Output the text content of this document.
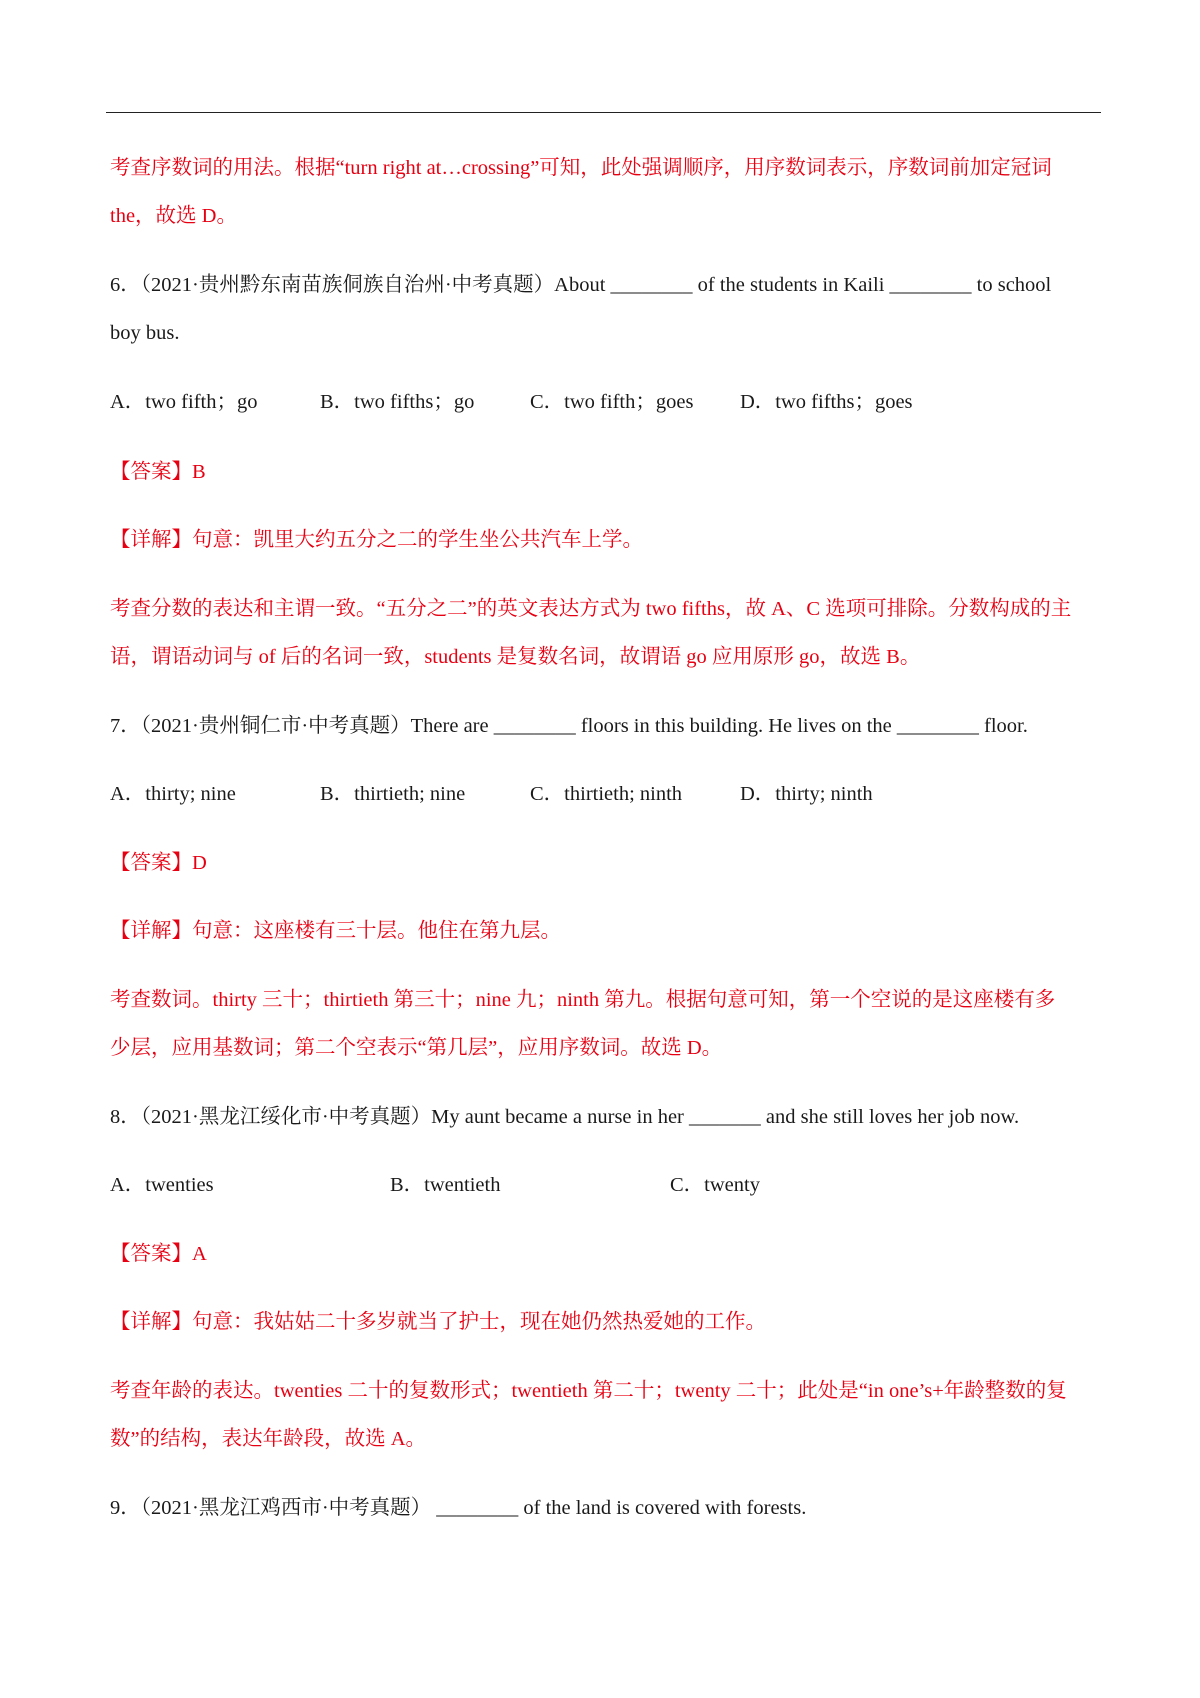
考查序数词的用法。根据“turn right at…crossing”可知，此处强调顺序，用序数词表示，序数词前加定冠词
the，故选 D。
6．（2021·贵州黔东南苗族侗族自治州·中考真题）About ________ of the students in Kaili ________ to school
boy bus.
A．two fifth；go	B．two fifths；go	C．two fifth；goes D．two fifths；goes
【答案】B
【详解】句意：凯里大约五分之二的学生坐公共汽车上学。
考查分数的表达和主谓一致。“五分之二”的英文表达方式为 two fifths，故 A、C 选项可排除。分数构成的主
语，谓语动词与 of 后的名词一致，students 是复数名词，故谓语 go 应用原形 go，故选 B。
7．（2021·贵州铜仁市·中考真题）There are ________ floors in this building. He lives on the ________ floor.
A．thirty; nine	B．thirtieth; nine	C．thirtieth; ninth	D．thirty; ninth
【答案】D
【详解】句意：这座楼有三十层。他住在第九层。
考查数词。thirty 三十；thirtieth 第三十；nine 九；ninth 第九。根据句意可知，第一个空说的是这座楼有多
少层，应用基数词；第二个空表示“第几层”，应用序数词。故选 D。
8．（2021·黑龙江绥化市·中考真题）My aunt became a nurse in her _______ and she still loves her job now.
A．twenties	B．twentieth	C．twenty
【答案】A
【详解】句意：我姑姑二十多岁就当了护士，现在她仍然热爱她的工作。
考查年龄的表达。twenties 二十的复数形式；twentieth 第二十；twenty 二十；此处是“in one’s+年龄整数的复
数”的结构，表达年龄段，故选 A。
9．（2021·黑龙江鸡西市·中考真题） ________ of the land is covered with forests.
